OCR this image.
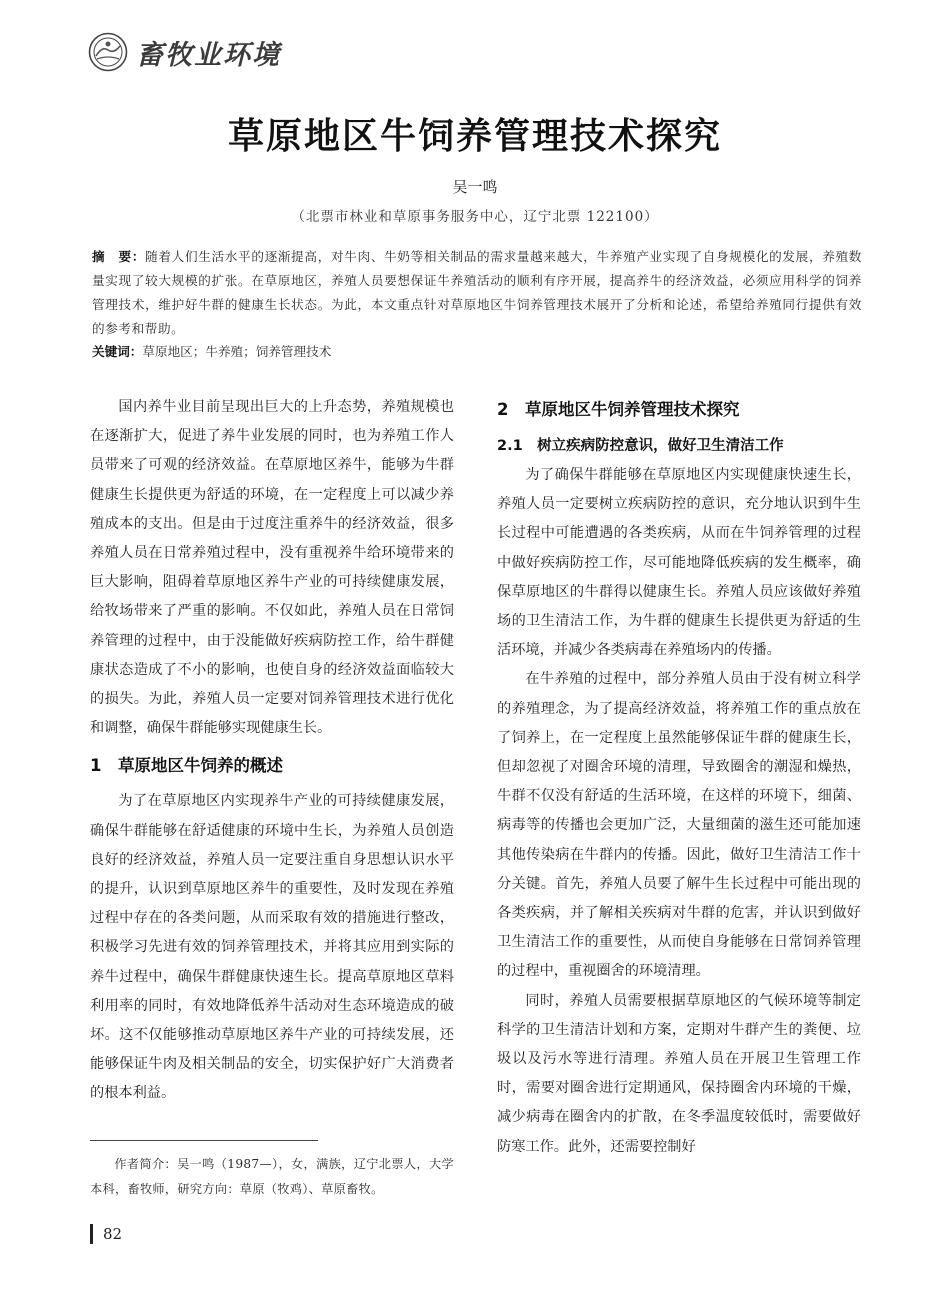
畜牧业环境
草原地区牛饲养管理技术探究
吴一鸣
（北票市林业和草原事务服务中心，辽宁北票 122100）
摘　要：随着人们生活水平的逐渐提高，对牛肉、牛奶等相关制品的需求量越来越大，牛养殖产业实现了自身规模化的发展，养殖数量实现了较大规模的扩张。在草原地区，养殖人员要想保证牛养殖活动的顺利有序开展，提高养牛的经济效益，必须应用科学的饲养管理技术，维护好牛群的健康生长状态。为此，本文重点针对草原地区牛饲养管理技术展开了分析和论述，希望给养殖同行提供有效的参考和帮助。
关键词：草原地区；牛养殖；饲养管理技术

国内养牛业目前呈现出巨大的上升态势，养殖规模也在逐渐扩大，促进了养牛业发展的同时，也为养殖工作人员带来了可观的经济效益。在草原地区养牛，能够为牛群健康生长提供更为舒适的环境，在一定程度上可以减少养殖成本的支出。但是由于过度注重养牛的经济效益，很多养殖人员在日常养殖过程中，没有重视养牛给环境带来的巨大影响，阻碍着草原地区养牛产业的可持续健康发展，给牧场带来了严重的影响。不仅如此，养殖人员在日常饲养管理的过程中，由于没能做好疾病防控工作，给牛群健康状态造成了不小的影响，也使自身的经济效益面临较大的损失。为此，养殖人员一定要对饲养管理技术进行优化和调整，确保牛群能够实现健康生长。

1　草原地区牛饲养的概述

为了在草原地区内实现养牛产业的可持续健康发展，确保牛群能够在舒适健康的环境中生长，为养殖人员创造良好的经济效益，养殖人员一定要注重自身思想认识水平的提升，认识到草原地区养牛的重要性，及时发现在养殖过程中存在的各类问题，从而采取有效的措施进行整改，积极学习先进有效的饲养管理技术，并将其应用到实际的养牛过程中，确保牛群健康快速生长。提高草原地区草料利用率的同时，有效地降低养牛活动对生态环境造成的破坏。这不仅能够推动草原地区养牛产业的可持续发展，还能够保证牛肉及相关制品的安全，切实保护好广大消费者的根本利益。

作者简介：吴一鸣（1987—），女，满族，辽宁北票人，大学本科，畜牧师，研究方向：草原（牧鸡）、草原畜牧。
2　草原地区牛饲养管理技术探究
2.1　树立疾病防控意识，做好卫生清洁工作

为了确保牛群能够在草原地区内实现健康快速生长，养殖人员一定要树立疾病防控的意识，充分地认识到牛生长过程中可能遭遇的各类疾病，从而在牛饲养管理的过程中做好疾病防控工作，尽可能地降低疾病的发生概率，确保草原地区的牛群得以健康生长。养殖人员应该做好养殖场的卫生清洁工作，为牛群的健康生长提供更为舒适的生活环境，并减少各类病毒在养殖场内的传播。

在牛养殖的过程中，部分养殖人员由于没有树立科学的养殖理念，为了提高经济效益，将养殖工作的重点放在了饲养上，在一定程度上虽然能够保证牛群的健康生长，但却忽视了对圈舍环境的清理，导致圈舍的潮湿和燥热，牛群不仅没有舒适的生活环境，在这样的环境下，细菌、病毒等的传播也会更加广泛，大量细菌的滋生还可能加速其他传染病在牛群内的传播。因此，做好卫生清洁工作十分关键。首先，养殖人员要了解牛生长过程中可能出现的各类疾病，并了解相关疾病对牛群的危害，并认识到做好卫生清洁工作的重要性，从而使自身能够在日常饲养管理的过程中，重视圈舍的环境清理。

同时，养殖人员需要根据草原地区的气候环境等制定科学的卫生清洁计划和方案，定期对牛群产生的粪便、垃圾以及污水等进行清理。养殖人员在开展卫生管理工作时，需要对圈舍进行定期通风，保持圈舍内环境的干燥，减少病毒在圈舍内的扩散，在冬季温度较低时，需要做好防寒工作。此外，还需要控制好

82
